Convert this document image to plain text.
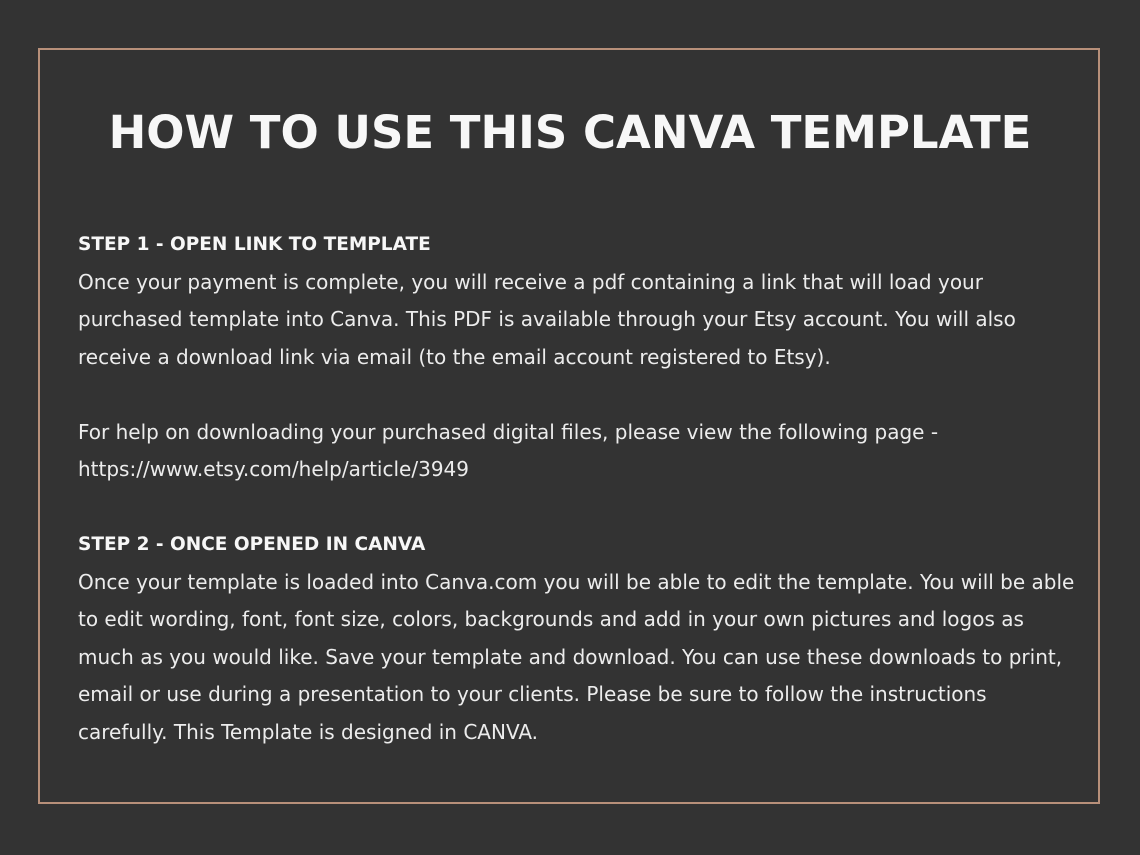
HOW TO USE THIS CANVA TEMPLATE

STEP 1 - OPEN LINK TO TEMPLATE

Once your payment is complete, you will receive a pdf containing a link that will load your purchased template into Canva. This PDF is available through your Etsy account. You will also receive a download link via email (to the email account registered to Etsy).

For help on downloading your purchased digital files, please view the following page - https://www.etsy.com/help/article/3949

STEP 2 - ONCE OPENED IN CANVA

Once your template is loaded into Canva.com you will be able to edit the template. You will be able to edit wording, font, font size, colors, backgrounds and add in your own pictures and logos as much as you would like. Save your template and download. You can use these downloads to print, email or use during a presentation to your clients. Please be sure to follow the instructions carefully. This Template is designed in CANVA.
